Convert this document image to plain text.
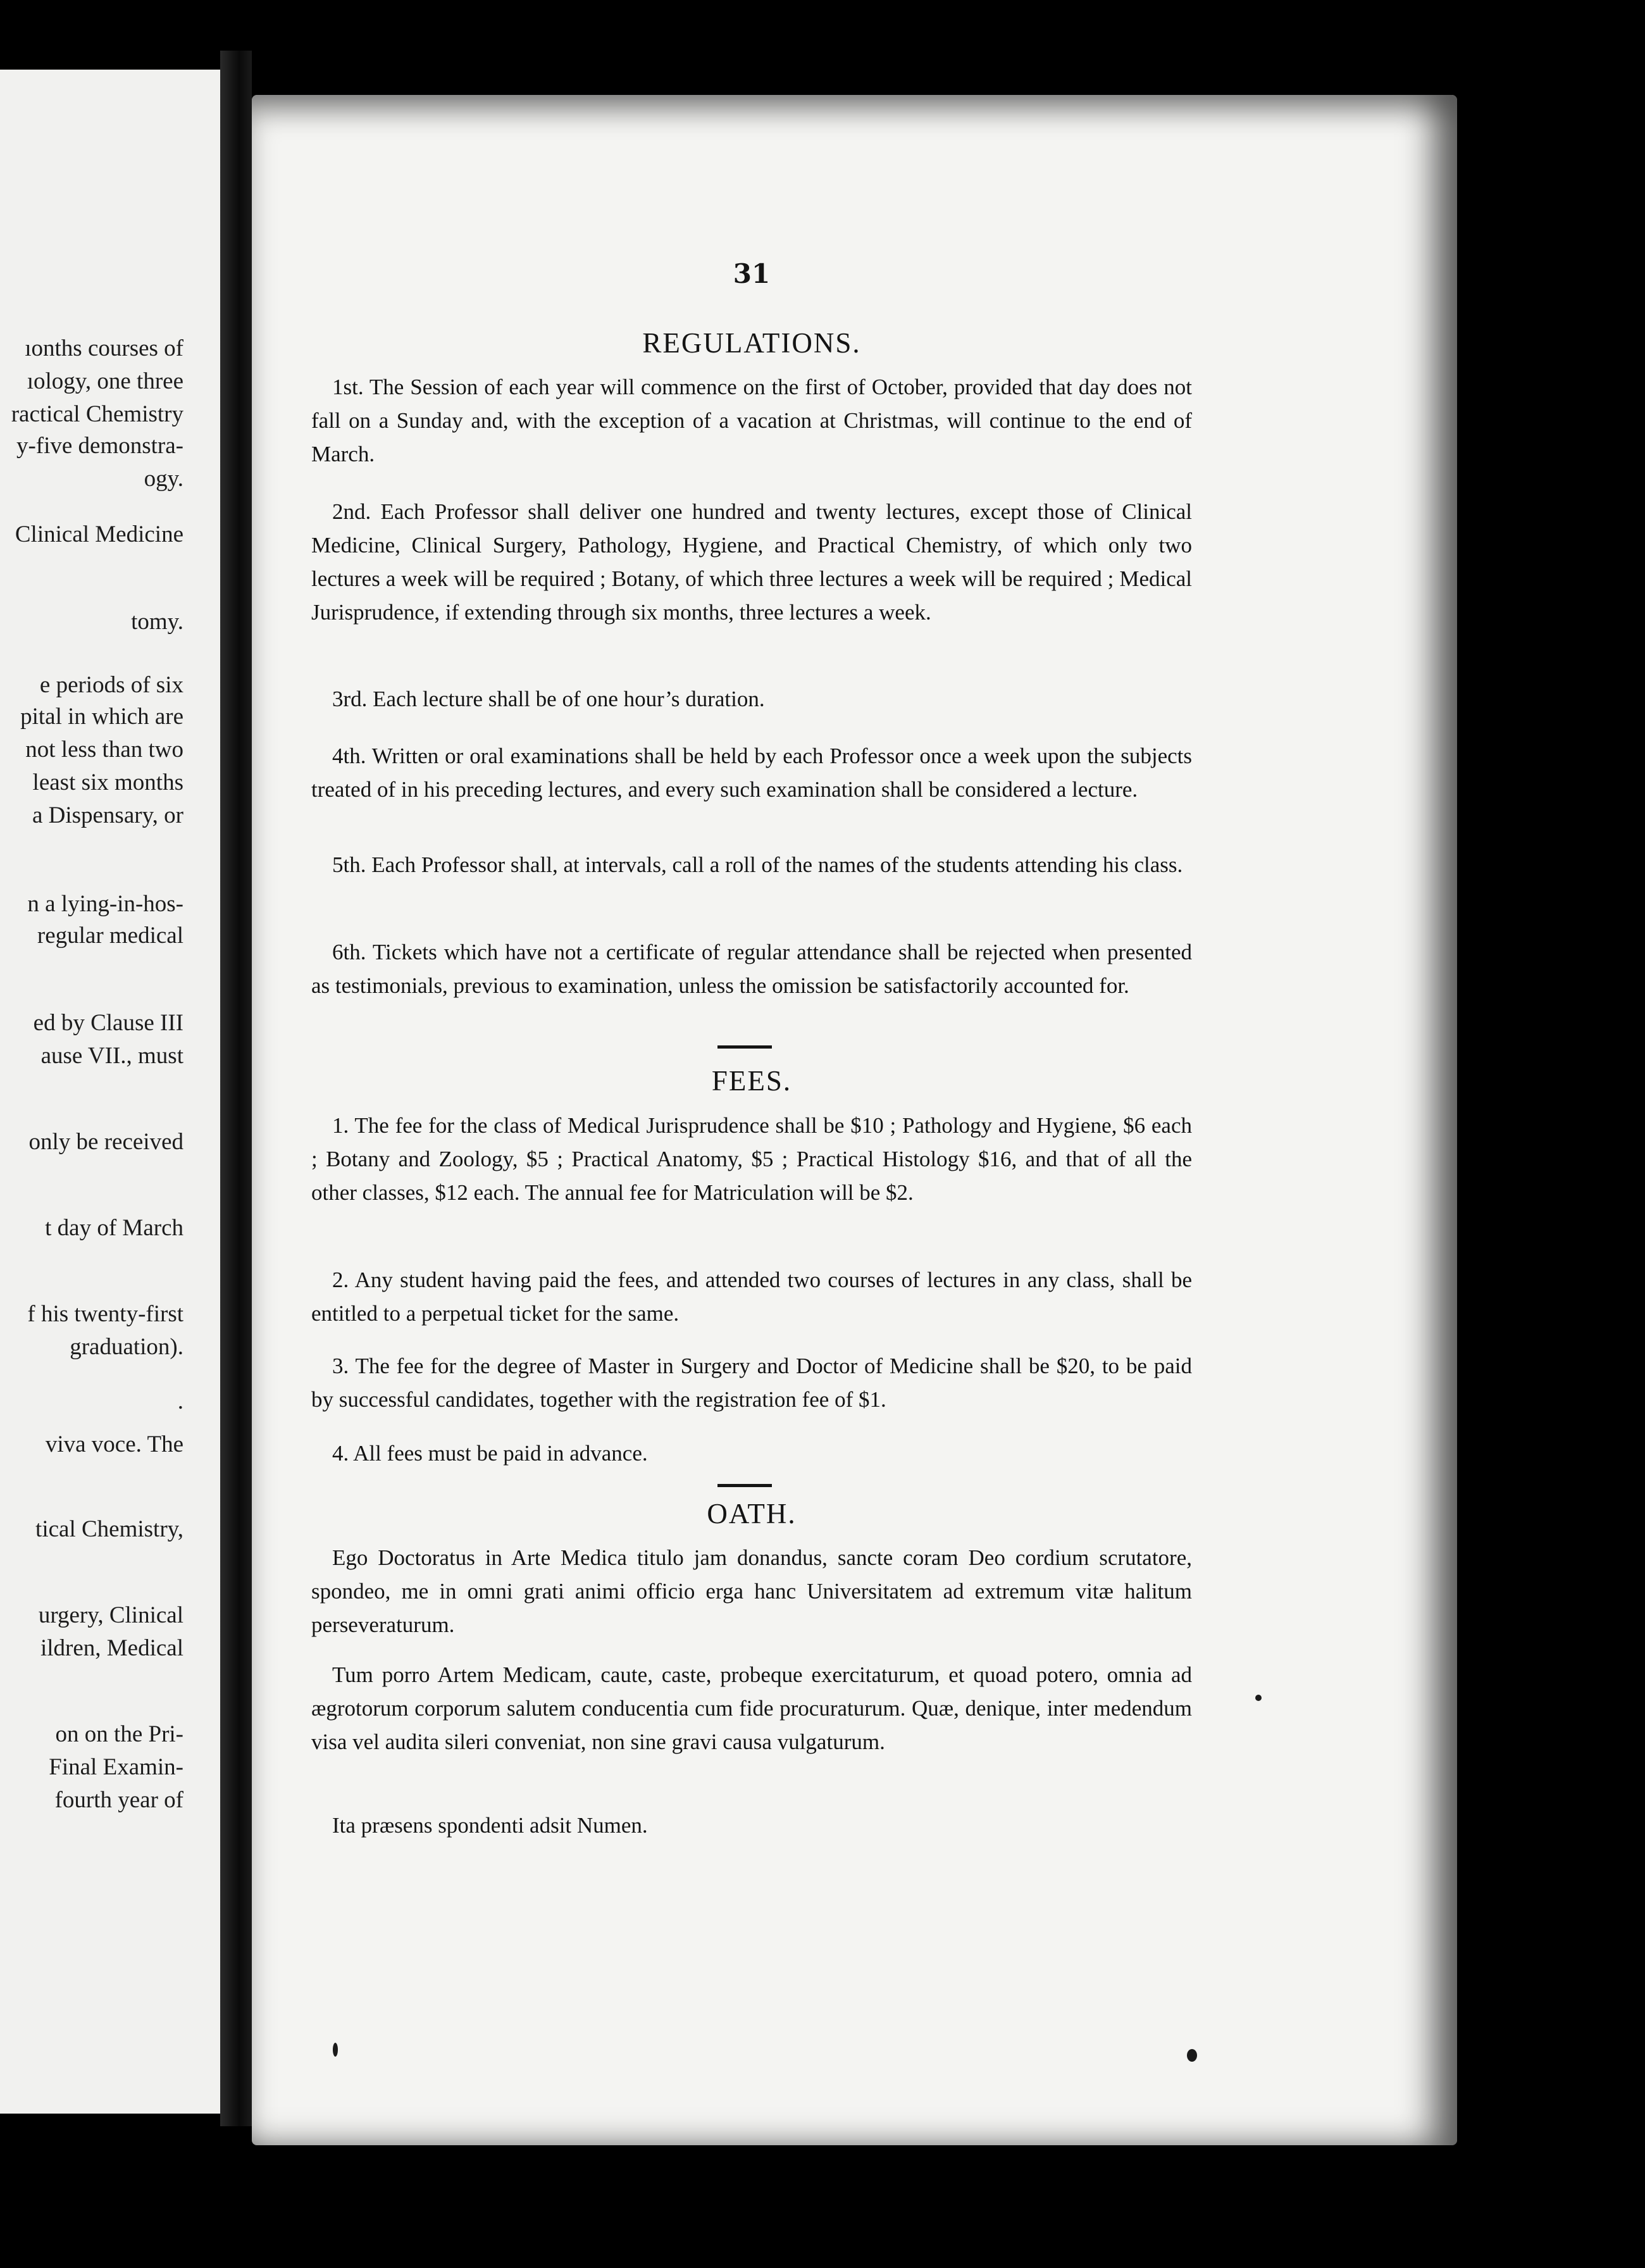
ıonths courses of
ıology, one three
ractical Chemistry
y-five demonstra-
ogy.
Clinical Medicine
tomy.
e periods of six
pital in which are
not less than two
least six months
a Dispensary, or
n a lying-in-hos-
regular medical
ed by Clause III
ause VII., must
only be received
t day of March
f his twenty-first
graduation).
.
viva voce. The
tical Chemistry,
urgery, Clinical
ildren, Medical
on on the Pri-
Final Examin-
fourth year of
31
REGULATIONS.

1st. The Session of each year will commence on the first of October, provided that day does not fall on a Sunday and, with the exception of a vacation at Christmas, will continue to the end of March.

2nd. Each Professor shall deliver one hundred and twenty lectures, except those of Clinical Medicine, Clinical Surgery, Pathology, Hygiene, and Practical Chemistry, of which only two lectures a week will be required ; Botany, of which three lectures a week will be required ; Medical Jurisprudence, if extending through six months, three lectures a week.

3rd. Each lecture shall be of one hour’s duration.

4th. Written or oral examinations shall be held by each Professor once a week upon the subjects treated of in his preceding lectures, and every such examination shall be considered a lecture.

5th. Each Professor shall, at intervals, call a roll of the names of the students attending his class.

6th. Tickets which have not a certificate of regular attendance shall be rejected when presented as testimonials, previous to examination, unless the omission be satisfactorily accounted for.

FEES.

1. The fee for the class of Medical Jurisprudence shall be $10 ; Pathology and Hygiene, $6 each ; Botany and Zoology, $5 ; Practical Anatomy, $5 ; Practical Histology $16, and that of all the other classes, $12 each. The annual fee for Matriculation will be $2.

2. Any student having paid the fees, and attended two courses of lectures in any class, shall be entitled to a perpetual ticket for the same.

3. The fee for the degree of Master in Surgery and Doctor of Medicine shall be $20, to be paid by successful candidates, together with the registration fee of $1.

4. All fees must be paid in advance.

OATH.

Ego Doctoratus in Arte Medica titulo jam donandus, sancte coram Deo cordium scrutatore, spondeo, me in omni grati animi officio erga hanc Universitatem ad extremum vitæ halitum perseveraturum.

Tum porro Artem Medicam, caute, caste, probeque exercitaturum, et quoad potero, omnia ad ægrotorum corporum salutem conducentia cum fide procuraturum. Quæ, denique, inter medendum visa vel audita sileri conveniat, non sine gravi causa vulgaturum.

Ita præsens spondenti adsit Numen.
